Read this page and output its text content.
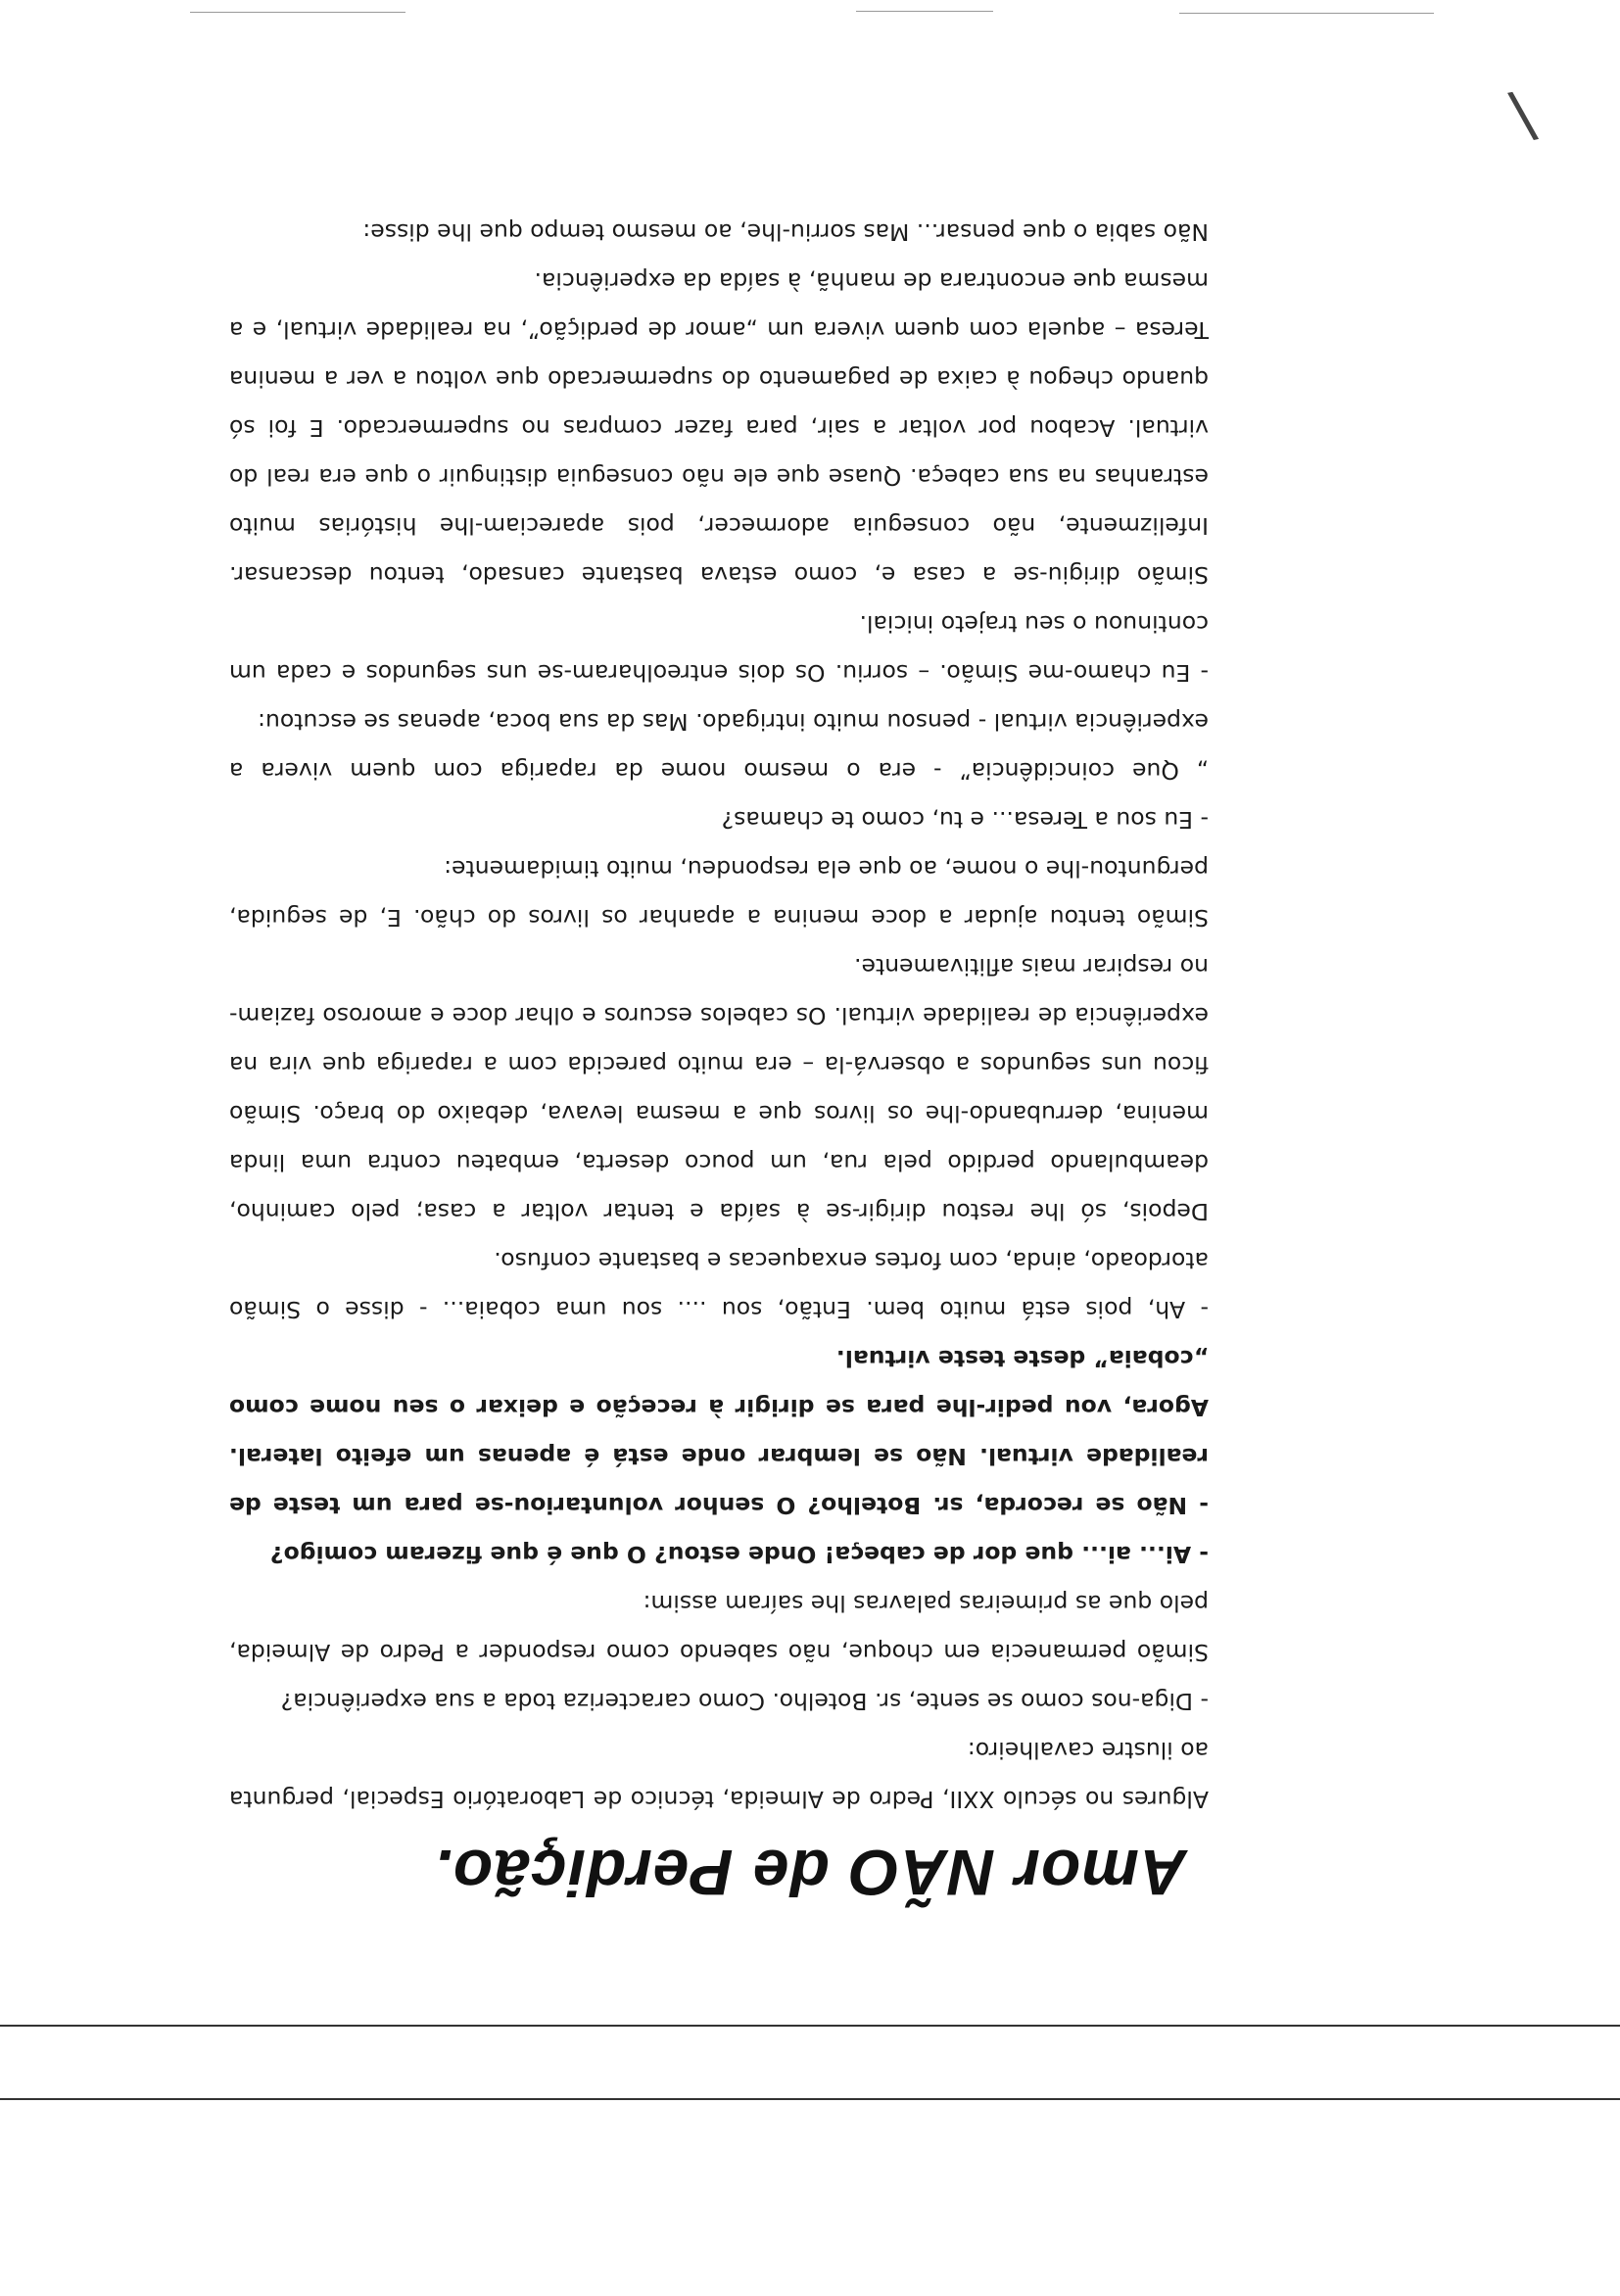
\
Amor NÃO de Perdição.

Algures no século XXII, Pedro de Almeida, técnico de Laboratório Especial, pergunta ao ilustre cavalheiro:

- Diga-nos como se sente, sr. Botelho. Como caracteriza toda a sua experiência?

Simão permanecia em choque, não sabendo como responder a Pedro de Almeida, pelo que as primeiras palavras lhe saíram assim:

- Ai... ai... que dor de cabeça! Onde estou? O que é que fizeram comigo?

- Não se recorda, sr. Botelho? O senhor voluntariou-se para um teste de realidade virtual. Não se lembrar onde está é apenas um efeito lateral. Agora, vou pedir-lhe para se dirigir à receção e deixar o seu nome como „cobaia” deste teste virtual.

- Ah, pois está muito bem. Então, sou .... sou uma cobaia... - disse o Simão atordoado, ainda, com fortes enxaquecas e bastante confuso.

Depois, só lhe restou dirigir-se à saída e tentar voltar a casa; pelo caminho, deambulando perdido pela rua, um pouco deserta, embateu contra uma linda menina, derrubando-lhe os livros que a mesma levava, debaixo do braço. Simão ficou uns segundos a observá-la – era muito parecida com a rapariga que vira na experiência de realidade virtual. Os cabelos escuros e olhar doce e amoroso faziam-no respirar mais aflitivamente.

Simão tentou ajudar a doce menina a apanhar os livros do chão. E, de seguida, perguntou-lhe o nome, ao que ela respondeu, muito timidamente:

- Eu sou a Teresa... e tu, como te chamas?

„ Que coincidência” - era o mesmo nome da rapariga com quem vivera a experiência virtual - pensou muito intrigado. Mas da sua boca, apenas se escutou:

- Eu chamo-me Simão. – sorriu. Os dois entreolharam-se uns segundos e cada um continuou o seu trajeto inicial.

Simão dirigiu-se a casa e, como estava bastante cansado, tentou descansar. Infelizmente, não conseguia adormecer, pois apareciam-lhe histórias muito estranhas na sua cabeça. Quase que ele não conseguia distinguir o que era real do virtual. Acabou por voltar a sair, para fazer compras no supermercado. E foi só quando chegou à caixa de pagamento do supermercado que voltou a ver a menina Teresa – aquela com quem vivera um „amor de perdição”, na realidade virtual, e a mesma que encontrara de manhã, à saída da experiência.

Não sabia o que pensar... Mas sorriu-lhe, ao mesmo tempo que lhe disse:
